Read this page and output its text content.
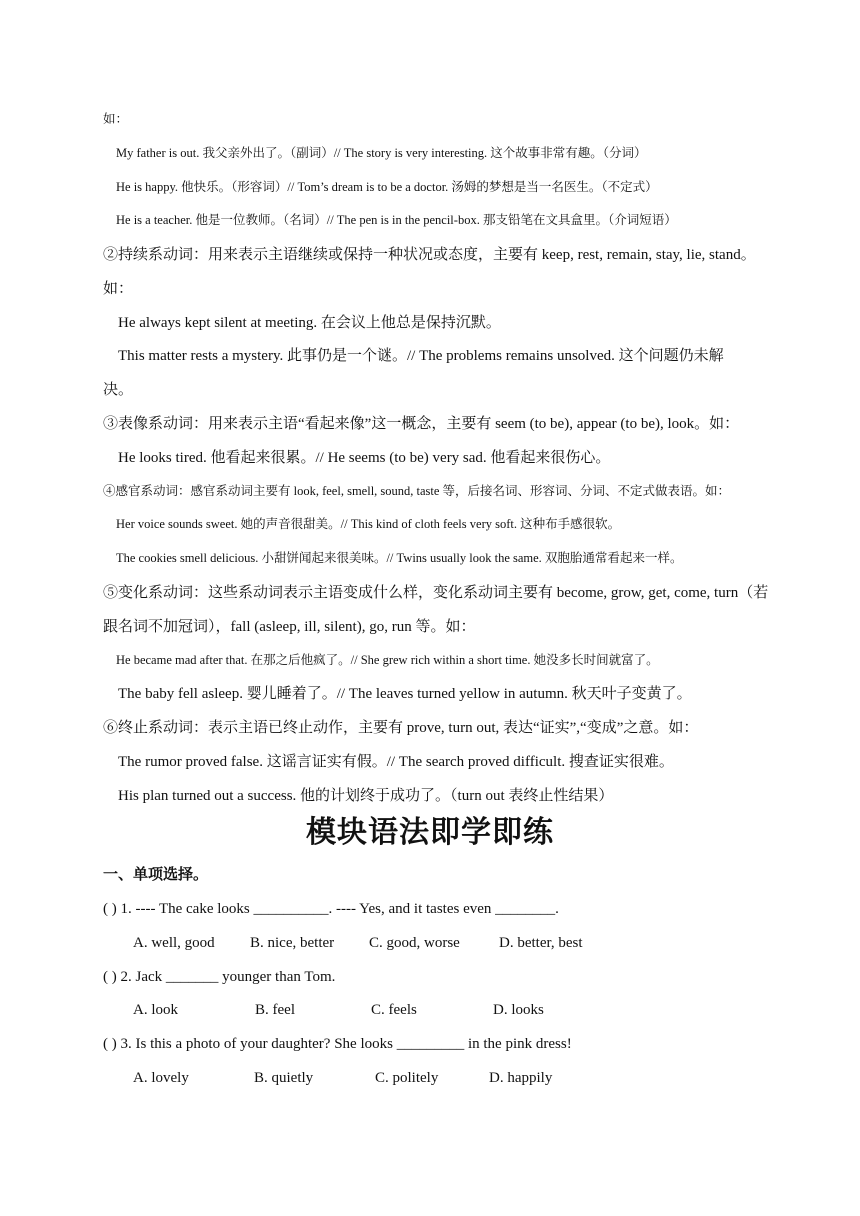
如：
My father is out. 我父亲外出了。（副词）// The story is very interesting. 这个故事非常有趣。（分词）
He is happy. 他快乐。（形容词）// Tom’s dream is to be a doctor. 汤姆的梦想是当一名医生。（不定式）
He is a teacher. 他是一位教师。（名词）// The pen is in the pencil-box. 那支铅笔在文具盒里。（介词短语）
②持续系动词：用来表示主语继续或保持一种状况或态度，主要有 keep, rest, remain, stay, lie, stand。
如：
He always kept silent at meeting. 在会议上他总是保持沉默。
This matter rests a mystery. 此事仍是一个谜。// The problems remains unsolved. 这个问题仍未解
决。
③表像系动词：用来表示主语“看起来像”这一概念，主要有 seem (to be), appear (to be), look。如：
He looks tired. 他看起来很累。// He seems (to be) very sad. 他看起来很伤心。
④感官系动词：感官系动词主要有 look, feel, smell, sound, taste 等，后接名词、形容词、分词、不定式做表语。如：
Her voice sounds sweet. 她的声音很甜美。// This kind of cloth feels very soft. 这种布手感很软。
The cookies smell delicious. 小甜饼闻起来很美味。// Twins usually look the same. 双胞胎通常看起来一样。
⑤变化系动词：这些系动词表示主语变成什么样，变化系动词主要有 become, grow, get, come, turn（若
跟名词不加冠词），fall (asleep, ill, silent), go, run 等。如：
He became mad after that. 在那之后他疯了。// She grew rich within a short time. 她没多长时间就富了。
The baby fell asleep. 婴儿睡着了。// The leaves turned yellow in autumn. 秋天叶子变黄了。
⑥终止系动词：表示主语已终止动作，主要有 prove, turn out, 表达“证实”,“变成”之意。如：
The rumor proved false. 这谣言证实有假。// The search proved difficult. 搜查证实很难。
His plan turned out a success. 他的计划终于成功了。（turn out 表终止性结果）
模块语法即学即练
一、单项选择。
( ) 1. ---- The cake looks __________. ---- Yes, and it tastes even ________.
A. well, good B. nice, better C. good, worse	D. better, best
( ) 2. Jack _______ younger than Tom.
A. look	B. feel	C. feels	D. looks
( ) 3. Is this a photo of your daughter? She looks _________ in the pink dress!
A. lovely	B. quietly	C. politely	D. happily
